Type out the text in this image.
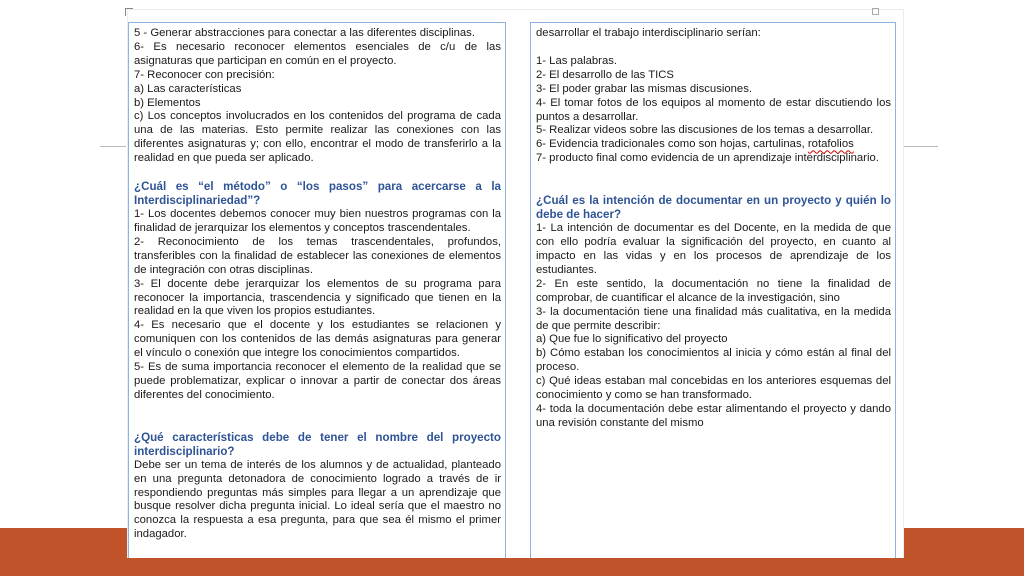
5 - Generar abstracciones para conectar a las diferentes disciplinas.

6- Es necesario reconocer elementos esenciales de c/u de las asignaturas que participan en común en el proyecto.

7- Reconocer con precisión:

a) Las características

b) Elementos

c) Los conceptos involucrados en los contenidos del programa de cada una de las materias. Esto permite realizar las conexiones con las diferentes asignaturas y; con ello, encontrar el modo de transferirlo a la realidad en que pueda ser aplicado.

¿Cuál es “el método” o “los pasos” para acercarse a la Interdisciplinariedad”?

1- Los docentes debemos conocer muy bien nuestros programas con la finalidad de jerarquizar los elementos y conceptos trascendentales.

2- Reconocimiento de los temas trascendentales, profundos, transferibles con la finalidad de establecer las conexiones de elementos de integración con otras disciplinas.

3- El docente debe jerarquizar los elementos de su programa para reconocer la importancia, trascendencia y significado que tienen en la realidad en la que viven los propios estudiantes.

4- Es necesario que el docente y los estudiantes se relacionen y comuniquen con los contenidos de las demás asignaturas para generar el vínculo o conexión que integre los conocimientos compartidos.

5- Es de suma importancia reconocer el elemento de la realidad que se puede problematizar, explicar o innovar a partir de conectar dos áreas diferentes del conocimiento.

¿Qué características debe de tener el nombre del proyecto interdisciplinario?

Debe ser un tema de interés de los alumnos y de actualidad, planteado en una pregunta detonadora de conocimiento logrado a través de ir respondiendo preguntas más simples para llegar a un aprendizaje que busque resolver dicha pregunta inicial. Lo ideal sería que el maestro no conozca la respuesta a esa pregunta, para que sea él mismo el primer indagador.

desarrollar el trabajo interdisciplinario serían:

1- Las palabras.

2- El desarrollo de las TICS

3- El poder grabar las mismas discusiones.

4- El tomar fotos de los equipos al momento de estar discutiendo los puntos a desarrollar.

5- Realizar videos sobre las discusiones de los temas a desarrollar.

6- Evidencia tradicionales como son hojas, cartulinas, rotafolios

7- producto final como evidencia de un aprendizaje interdisciplinario.

¿Cuál es la intención de documentar en un proyecto y quién lo debe de hacer?

1- La intención de documentar es del Docente, en la medida de que con ello podría evaluar la significación del proyecto, en cuanto al impacto en las vidas y en los procesos de aprendizaje de los estudiantes.

2- En este sentido, la documentación no tiene la finalidad de comprobar, de cuantificar el alcance de la investigación, sino

3- la documentación tiene una finalidad más cualitativa, en la medida de que permite describir:

a) Que fue lo significativo del proyecto

b) Cómo estaban los conocimientos al inicia y cómo están al final del proceso.

c) Qué ideas estaban mal concebidas en los anteriores esquemas del conocimiento y como se han transformado.

4- toda la documentación debe estar alimentando el proyecto y dando una revisión constante del mismo
